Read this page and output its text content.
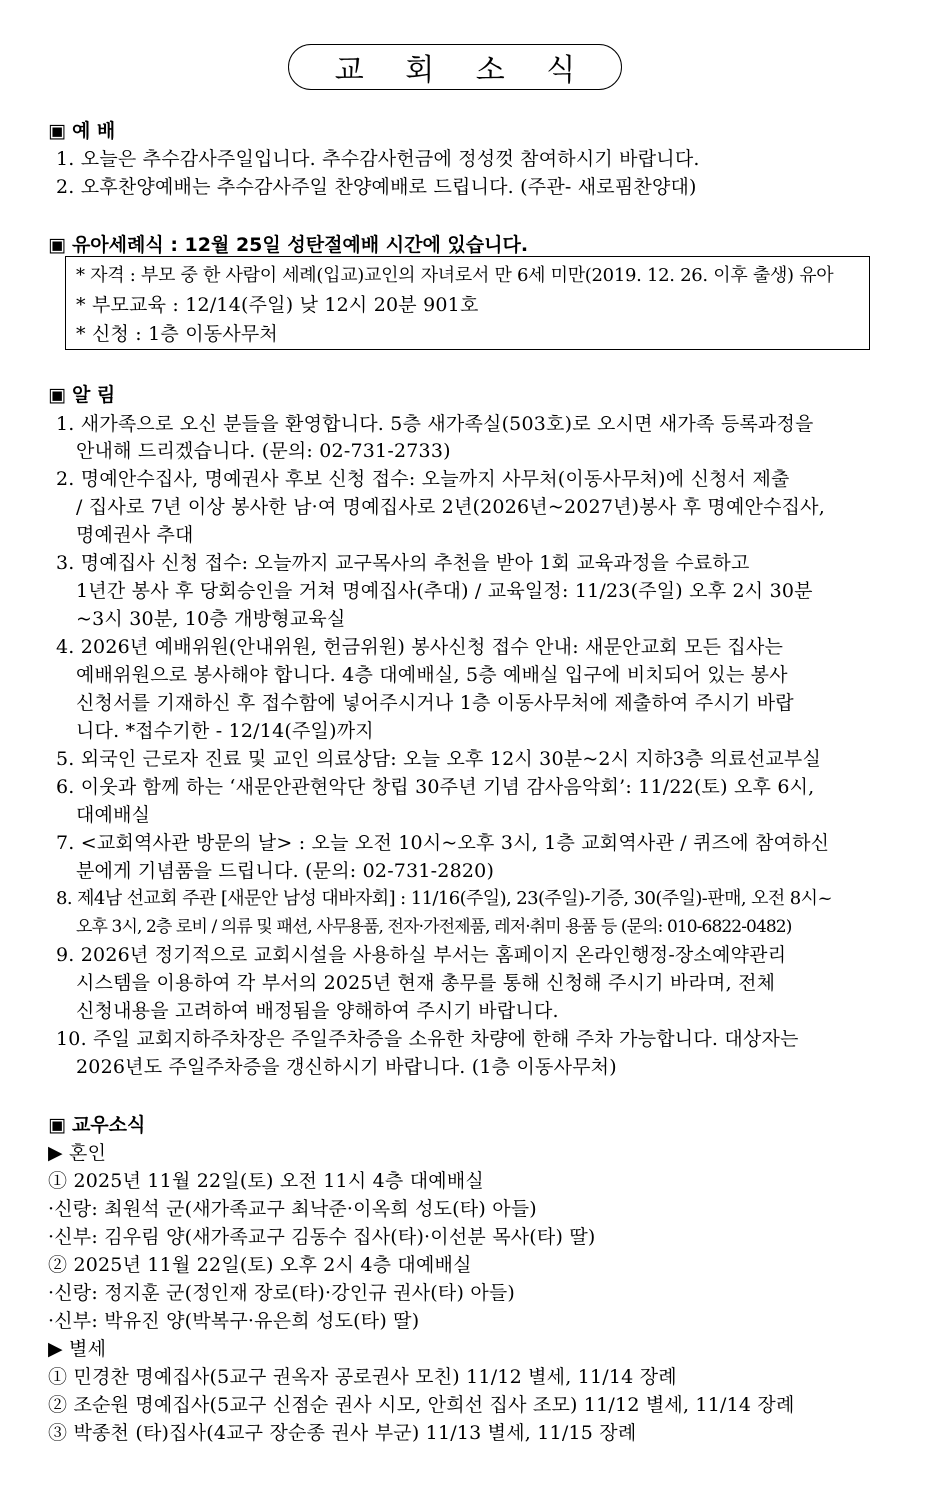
교 회 소 식
▣ 예 배
1. 오늘은 추수감사주일입니다. 추수감사헌금에 정성껏 참여하시기 바랍니다.
2. 오후찬양예배는 추수감사주일 찬양예배로 드립니다. (주관- 새로핌찬양대)
▣ 유아세례식 : 12월 25일 성탄절예배 시간에 있습니다.
* 자격 : 부모 중 한 사람이 세례(입교)교인의 자녀로서 만 6세 미만(2019. 12. 26. 이후 출생) 유아
* 부모교육 : 12/14(주일) 낮 12시 20분 901호
* 신청 : 1층 이동사무처
▣ 알 림
1. 새가족으로 오신 분들을 환영합니다. 5층 새가족실(503호)로 오시면 새가족 등록과정을
안내해 드리겠습니다. (문의: 02-731-2733)
2. 명예안수집사, 명예권사 후보 신청 접수: 오늘까지 사무처(이동사무처)에 신청서 제출
/ 집사로 7년 이상 봉사한 남·여 명예집사로 2년(2026년~2027년)봉사 후 명예안수집사,
명예권사 추대
3. 명예집사 신청 접수: 오늘까지 교구목사의 추천을 받아 1회 교육과정을 수료하고
1년간 봉사 후 당회승인을 거쳐 명예집사(추대) / 교육일정: 11/23(주일) 오후 2시 30분
~3시 30분, 10층 개방형교육실
4. 2026년 예배위원(안내위원, 헌금위원) 봉사신청 접수 안내: 새문안교회 모든 집사는
예배위원으로 봉사해야 합니다. 4층 대예배실, 5층 예배실 입구에 비치되어 있는 봉사
신청서를 기재하신 후 접수함에 넣어주시거나 1층 이동사무처에 제출하여 주시기 바랍
니다. *접수기한 - 12/14(주일)까지
5. 외국인 근로자 진료 및 교인 의료상담: 오늘 오후 12시 30분~2시 지하3층 의료선교부실
6. 이웃과 함께 하는 ‘새문안관현악단 창립 30주년 기념 감사음악회’: 11/22(토) 오후 6시,
대예배실
7. <교회역사관 방문의 날> : 오늘 오전 10시~오후 3시, 1층 교회역사관 / 퀴즈에 참여하신
분에게 기념품을 드립니다. (문의: 02-731-2820)
8. 제4남 선교회 주관 [새문안 남성 대바자회] : 11/16(주일), 23(주일)-기증, 30(주일)-판매, 오전 8시~
오후 3시, 2층 로비 / 의류 및 패션, 사무용품, 전자·가전제품, 레저·취미 용품 등 (문의: 010-6822-0482)
9. 2026년 정기적으로 교회시설을 사용하실 부서는 홈페이지 온라인행정-장소예약관리
시스템을 이용하여 각 부서의 2025년 현재 총무를 통해 신청해 주시기 바라며, 전체
신청내용을 고려하여 배정됨을 양해하여 주시기 바랍니다.
10. 주일 교회지하주차장은 주일주차증을 소유한 차량에 한해 주차 가능합니다. 대상자는
2026년도 주일주차증을 갱신하시기 바랍니다. (1층 이동사무처)
▣ 교우소식
▶ 혼인
① 2025년 11월 22일(토) 오전 11시 4층 대예배실
·신랑: 최원석 군(새가족교구 최낙준·이옥희 성도(타) 아들)
·신부: 김우림 양(새가족교구 김동수 집사(타)·이선분 목사(타) 딸)
② 2025년 11월 22일(토) 오후 2시 4층 대예배실
·신랑: 정지훈 군(정인재 장로(타)·강인규 권사(타) 아들)
·신부: 박유진 양(박복구·유은희 성도(타) 딸)
▶ 별세
① 민경찬 명예집사(5교구 권옥자 공로권사 모친) 11/12 별세, 11/14 장례
② 조순원 명예집사(5교구 신점순 권사 시모, 안희선 집사 조모) 11/12 별세, 11/14 장례
③ 박종천 (타)집사(4교구 장순종 권사 부군) 11/13 별세, 11/15 장례
